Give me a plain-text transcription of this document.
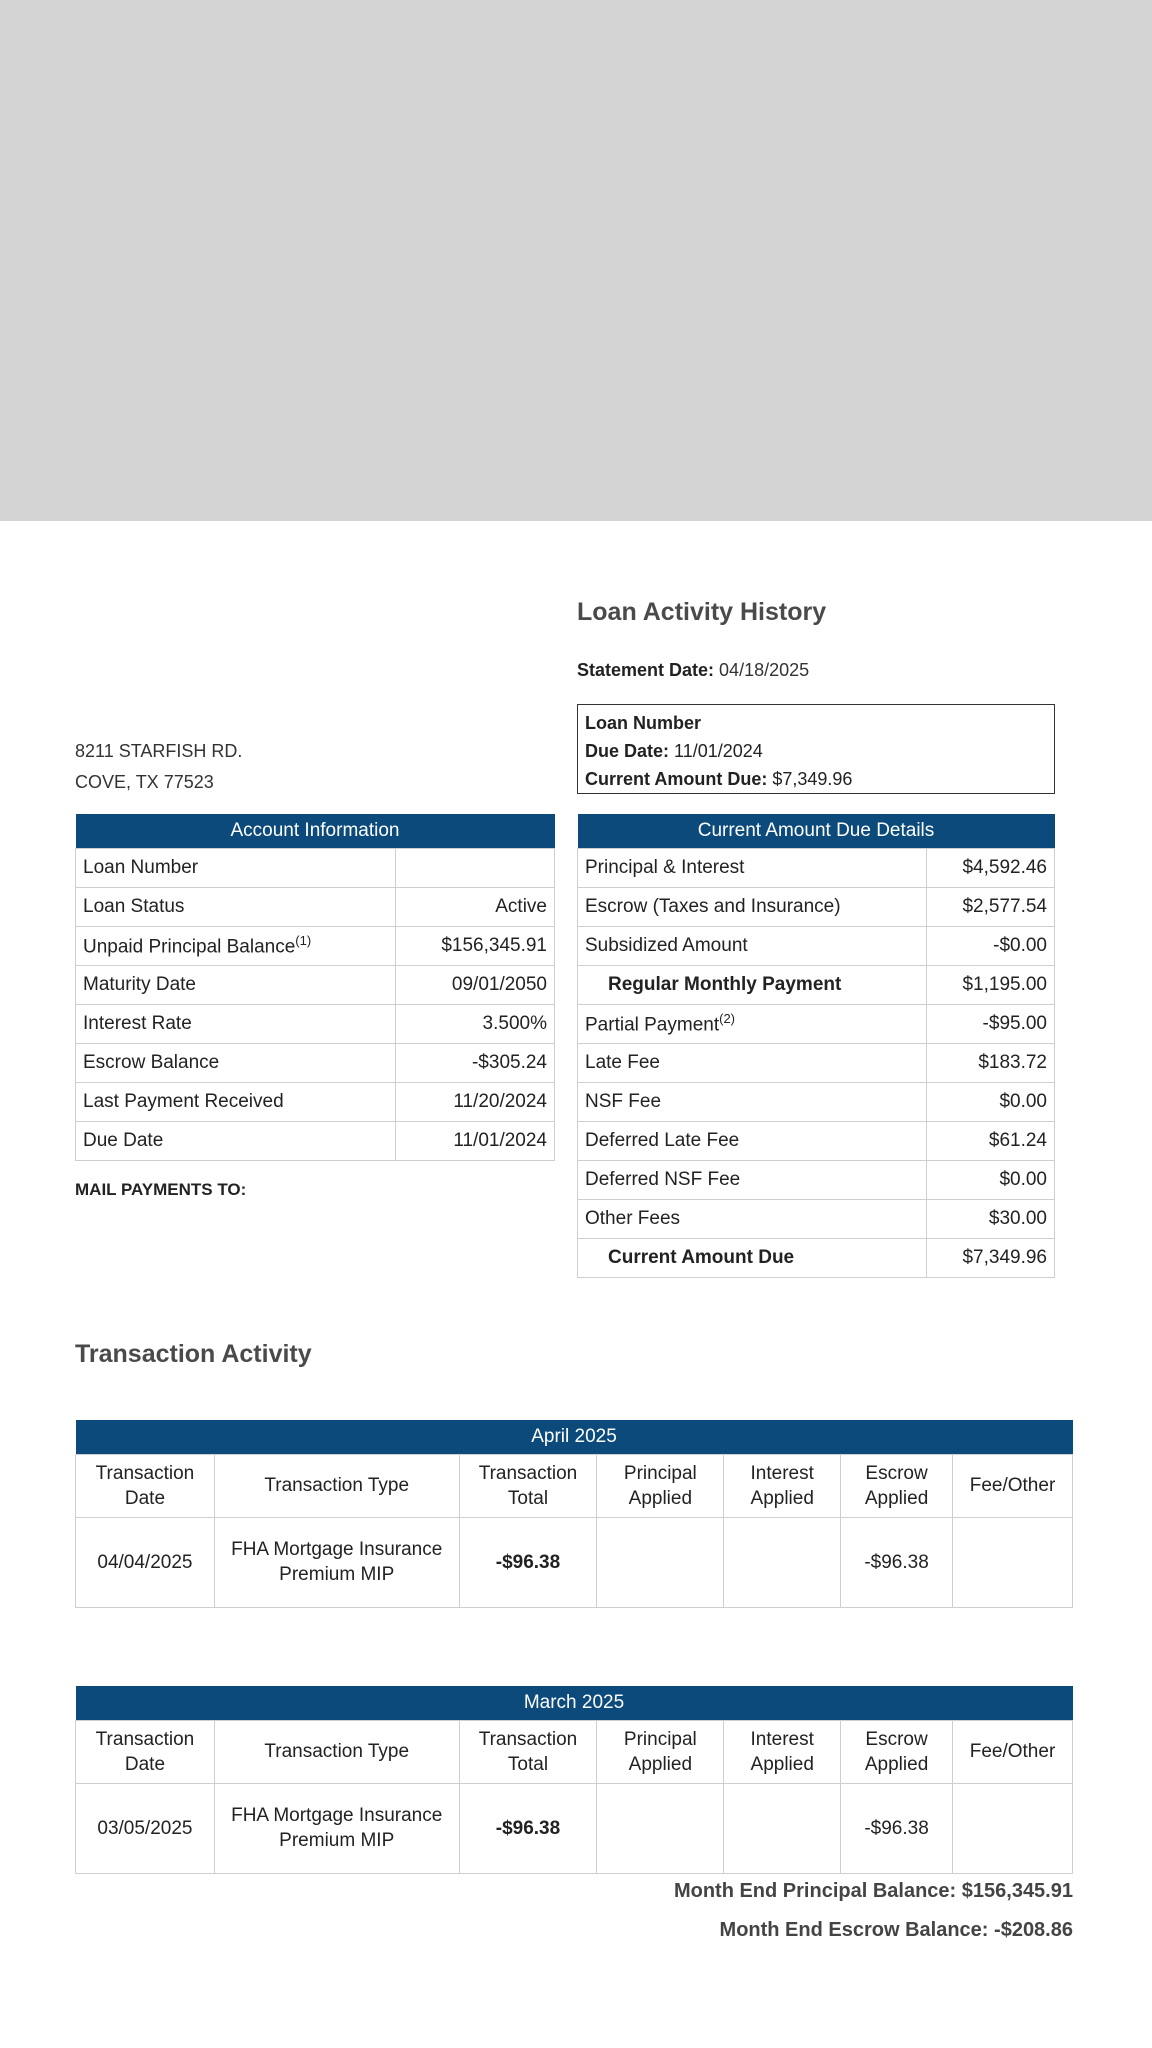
Loan Activity History
Statement Date: 04/18/2025
Loan Number
Due Date: 11/01/2024
Current Amount Due: $7,349.96
8211 STARFISH RD.
COVE, TX 77523
Account Information	
Loan Number	
Loan Status	Active
Unpaid Principal Balance$^{(1)}$	$156,345.91
Maturity Date	09/01/2050
Interest Rate	3.500%
Escrow Balance	-$305.24
Last Payment Received	11/20/2024
Due Date	11/01/2024
Current Amount Due Details	
Principal & Interest	$4,592.46
Escrow (Taxes and Insurance)	$2,577.54
Subsidized Amount	-$0.00
Regular Monthly Payment	$1,195.00
Partial Payment$^{(2)}$	-$95.00
Late Fee	$183.72
NSF Fee	$0.00
Deferred Late Fee	$61.24
Deferred NSF Fee	$0.00
Other Fees	$30.00
Current Amount Due	$7,349.96
MAIL PAYMENTS TO:
Transaction Activity
April 2025						
Transaction Date	Transaction Type	Transaction Total	Principal Applied	Interest Applied	Escrow Applied	Fee/Other
04/04/2025	FHA Mortgage Insurance Premium MIP	-$96.38			-$96.38	
March 2025						
Transaction Date	Transaction Type	Transaction Total	Principal Applied	Interest Applied	Escrow Applied	Fee/Other
03/05/2025	FHA Mortgage Insurance Premium MIP	-$96.38			-$96.38	
Month End Principal Balance: $156,345.91
Month End Escrow Balance: -$208.86
